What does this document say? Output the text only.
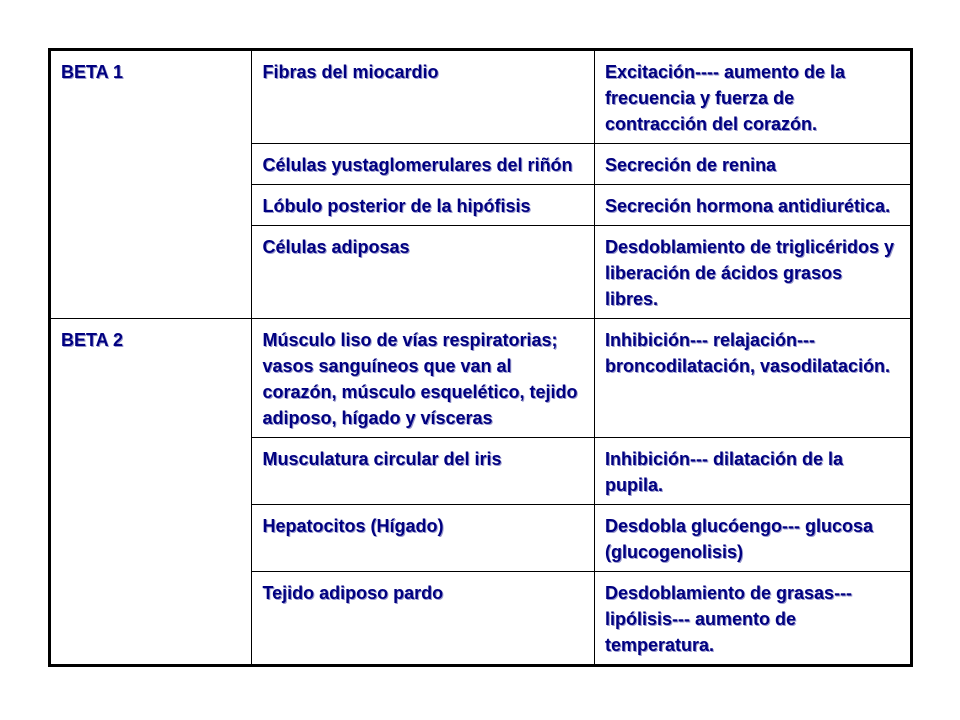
BETA 1	Fibras del miocardio	Excitación---- aumento de la frecuencia y fuerza de contracción del corazón.
	Células yustaglomerulares del riñón	Secreción de renina
	Lóbulo posterior de la hipófisis	Secreción hormona antidiurética.
	Células adiposas	Desdoblamiento de triglicéridos y liberación de ácidos grasos libres.
BETA 2	Músculo liso de vías respiratorias; vasos sanguíneos que van al corazón, músculo esquelético, tejido adiposo, hígado y vísceras	Inhibición--- relajación--- broncodilatación, vasodilatación.
	Musculatura circular del iris	Inhibición--- dilatación de la pupila.
	Hepatocitos (Hígado)	Desdobla glucóengo--- glucosa (glucogenolisis)
	Tejido adiposo pardo	Desdoblamiento de grasas--- lipólisis--- aumento de temperatura.
